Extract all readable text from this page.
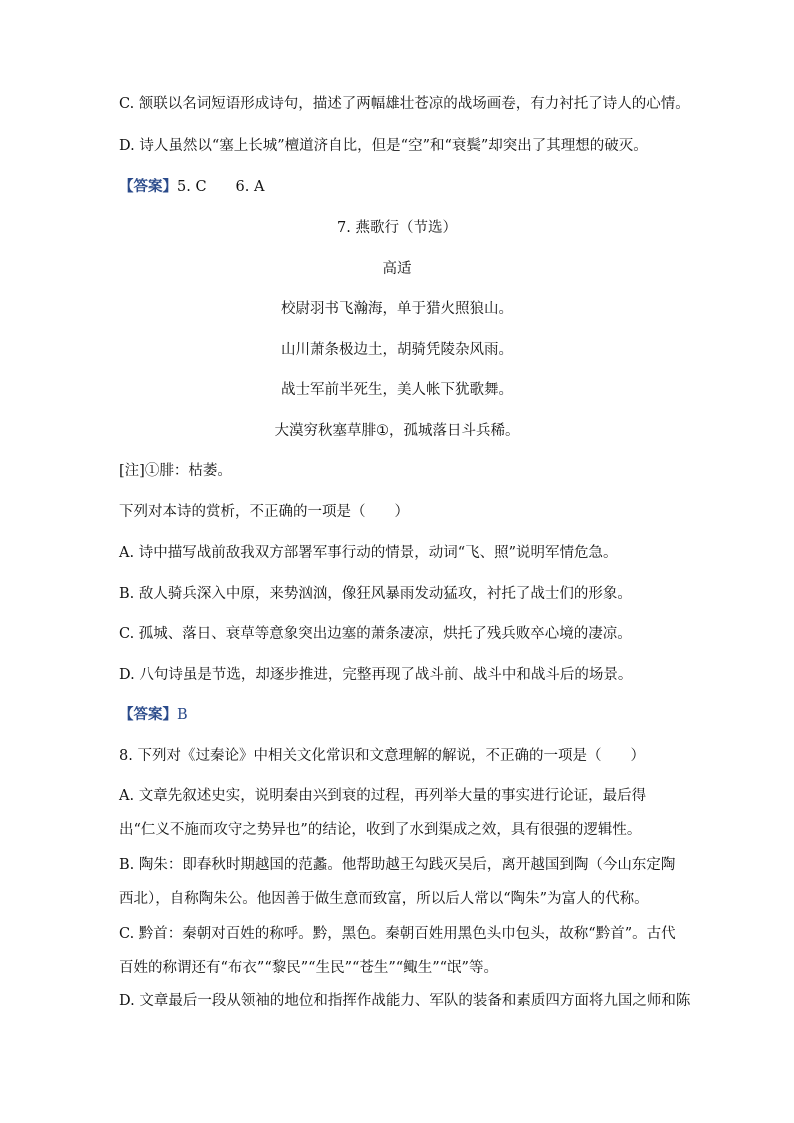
C. 颔联以名词短语形成诗句，描述了两幅雄壮苍凉的战场画卷，有力衬托了诗人的心情。
D. 诗人虽然以“塞上长城”檀道济自比，但是“空”和“衰鬓”却突出了其理想的破灭。
【答案】5. C　　6. A
7. 燕歌行（节选）
高适
校尉羽书飞瀚海，单于猎火照狼山。
山川萧条极边土，胡骑凭陵杂风雨。
战士军前半死生，美人帐下犹歌舞。
大漠穷秋塞草腓①，孤城落日斗兵稀。
[注]①腓：枯萎。
下列对本诗的赏析，不正确的一项是（　　）
A. 诗中描写战前敌我双方部署军事行动的情景，动词“飞、照”说明军情危急。
B. 敌人骑兵深入中原，来势汹汹，像狂风暴雨发动猛攻，衬托了战士们的形象。
C. 孤城、落日、衰草等意象突出边塞的萧条凄凉，烘托了残兵败卒心境的凄凉。
D. 八句诗虽是节选，却逐步推进，完整再现了战斗前、战斗中和战斗后的场景。
【答案】B
8. 下列对《过秦论》中相关文化常识和文意理解的解说，不正确的一项是（　　）
A. 文章先叙述史实，说明秦由兴到衰的过程，再列举大量的事实进行论证，最后得出“仁义不施而攻守之势异也”的结论，收到了水到渠成之效，具有很强的逻辑性。
B. 陶朱：即春秋时期越国的范蠡。他帮助越王勾践灭吴后，离开越国到陶（今山东定陶西北），自称陶朱公。他因善于做生意而致富，所以后人常以“陶朱”为富人的代称。
C. 黔首：秦朝对百姓的称呼。黔，黑色。秦朝百姓用黑色头巾包头，故称“黔首”。古代百姓的称谓还有“布衣”“黎民”“生民”“苍生”“鲰生”“氓”等。
D. 文章最后一段从领袖的地位和指挥作战能力、军队的装备和素质四方面将九国之师和陈
